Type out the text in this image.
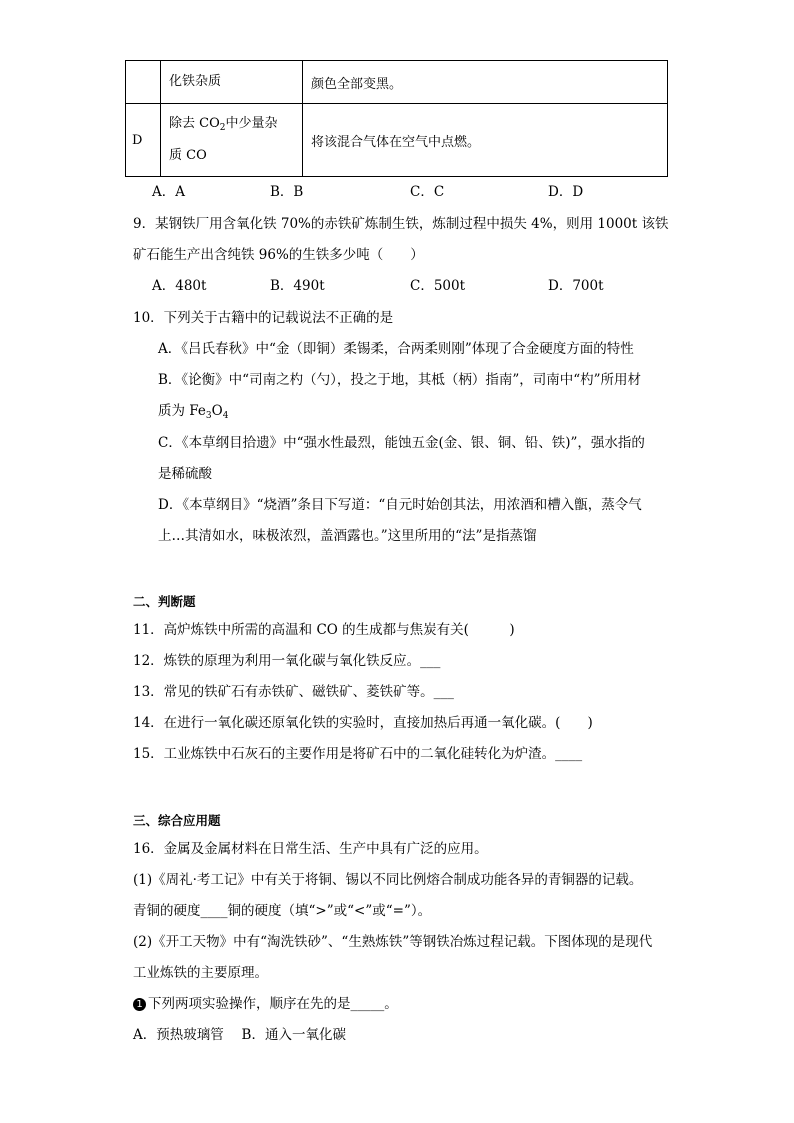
	化铁杂质	颜色全部变黑。
D	除去 $CO_2$中少量杂
质 CO	将该混合气体在空气中点燃。
A．A	B．B	C．C	D．D
9．某钢铁厂用含氧化铁 70%的赤铁矿炼制生铁，炼制过程中损失 4%，则用 1000t 该铁
矿石能生产出含纯铁 96%的生铁多少吨（　　）
A．480t	B．490t	C．500t	D．700t
10．下列关于古籍中的记载说法不正确的是
A．《吕氏春秋》中“金（即铜）柔锡柔，合两柔则刚”体现了合金硬度方面的特性
B．《论衡》中“司南之杓（勺），投之于地，其柢（柄）指南”，司南中“杓”所用材
质为 $Fe_3O_4$
C．《本草纲目拾遗》中“强水性最烈，能蚀五金(金、银、铜、铅、铁)”，强水指的
是稀硫酸
D．《本草纲目》“烧酒”条目下写道：“自元时始创其法，用浓酒和槽入甑，蒸令气
上…其清如水，味极浓烈，盖酒露也。”这里所用的“法”是指蒸馏
二、判断题
11．高炉炼铁中所需的高温和 CO 的生成都与焦炭有关(　　　)
12．炼铁的原理为利用一氧化碳与氧化铁反应。___
13．常见的铁矿石有赤铁矿、磁铁矿、菱铁矿等。___
14．在进行一氧化碳还原氧化铁的实验时，直接加热后再通一氧化碳。(　　)
15．工业炼铁中石灰石的主要作用是将矿石中的二氧化硅转化为炉渣。____
三、综合应用题
16．金属及金属材料在日常生活、生产中具有广泛的应用。
(1)《周礼·考工记》中有关于将铜、锡以不同比例熔合制成功能各异的青铜器的记载。
青铜的硬度____铜的硬度（填“>”或“<”或“=”）。
(2)《开工天物》中有“淘洗铁砂”、“生熟炼铁”等钢铁冶炼过程记载。下图体现的是现代
工业炼铁的主要原理。
1 下列两项实验操作，顺序在先的是_____。
A．预热玻璃管　 B．通入一氧化碳
